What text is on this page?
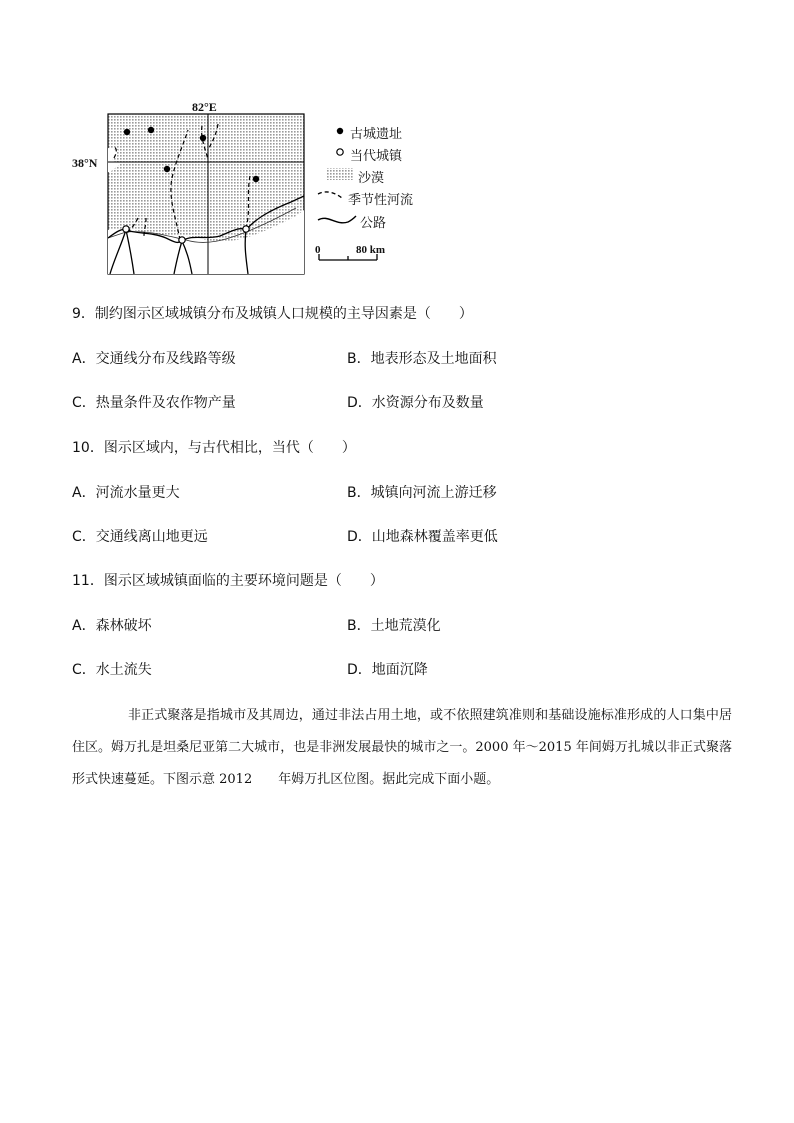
82°E
38°N
古城遗址
当代城镇
沙漠
季节性河流
公路
0	80 km
9．制约图示区域城镇分布及城镇人口规模的主导因素是（　　）
A．交通线分布及线路等级	B．地表形态及土地面积
C．热量条件及农作物产量	D．水资源分布及数量
10．图示区域内，与古代相比，当代（　　）
A．河流水量更大	B．城镇向河流上游迁移
C．交通线离山地更远	D．山地森林覆盖率更低
11．图示区域城镇面临的主要环境问题是（　　）
A．森林破坏	B．土地荒漠化
C．水土流失	D．地面沉降

非正式聚落是指城市及其周边，通过非法占用土地，或不依照建筑准则和基础设施标准形成的人口集中居住区。姆万扎是坦桑尼亚第二大城市，也是非洲发展最快的城市之一。2000 年～2015 年间姆万扎城以非正式聚落形式快速蔓延。下图示意 2012　　年姆万扎区位图。据此完成下面小题。
